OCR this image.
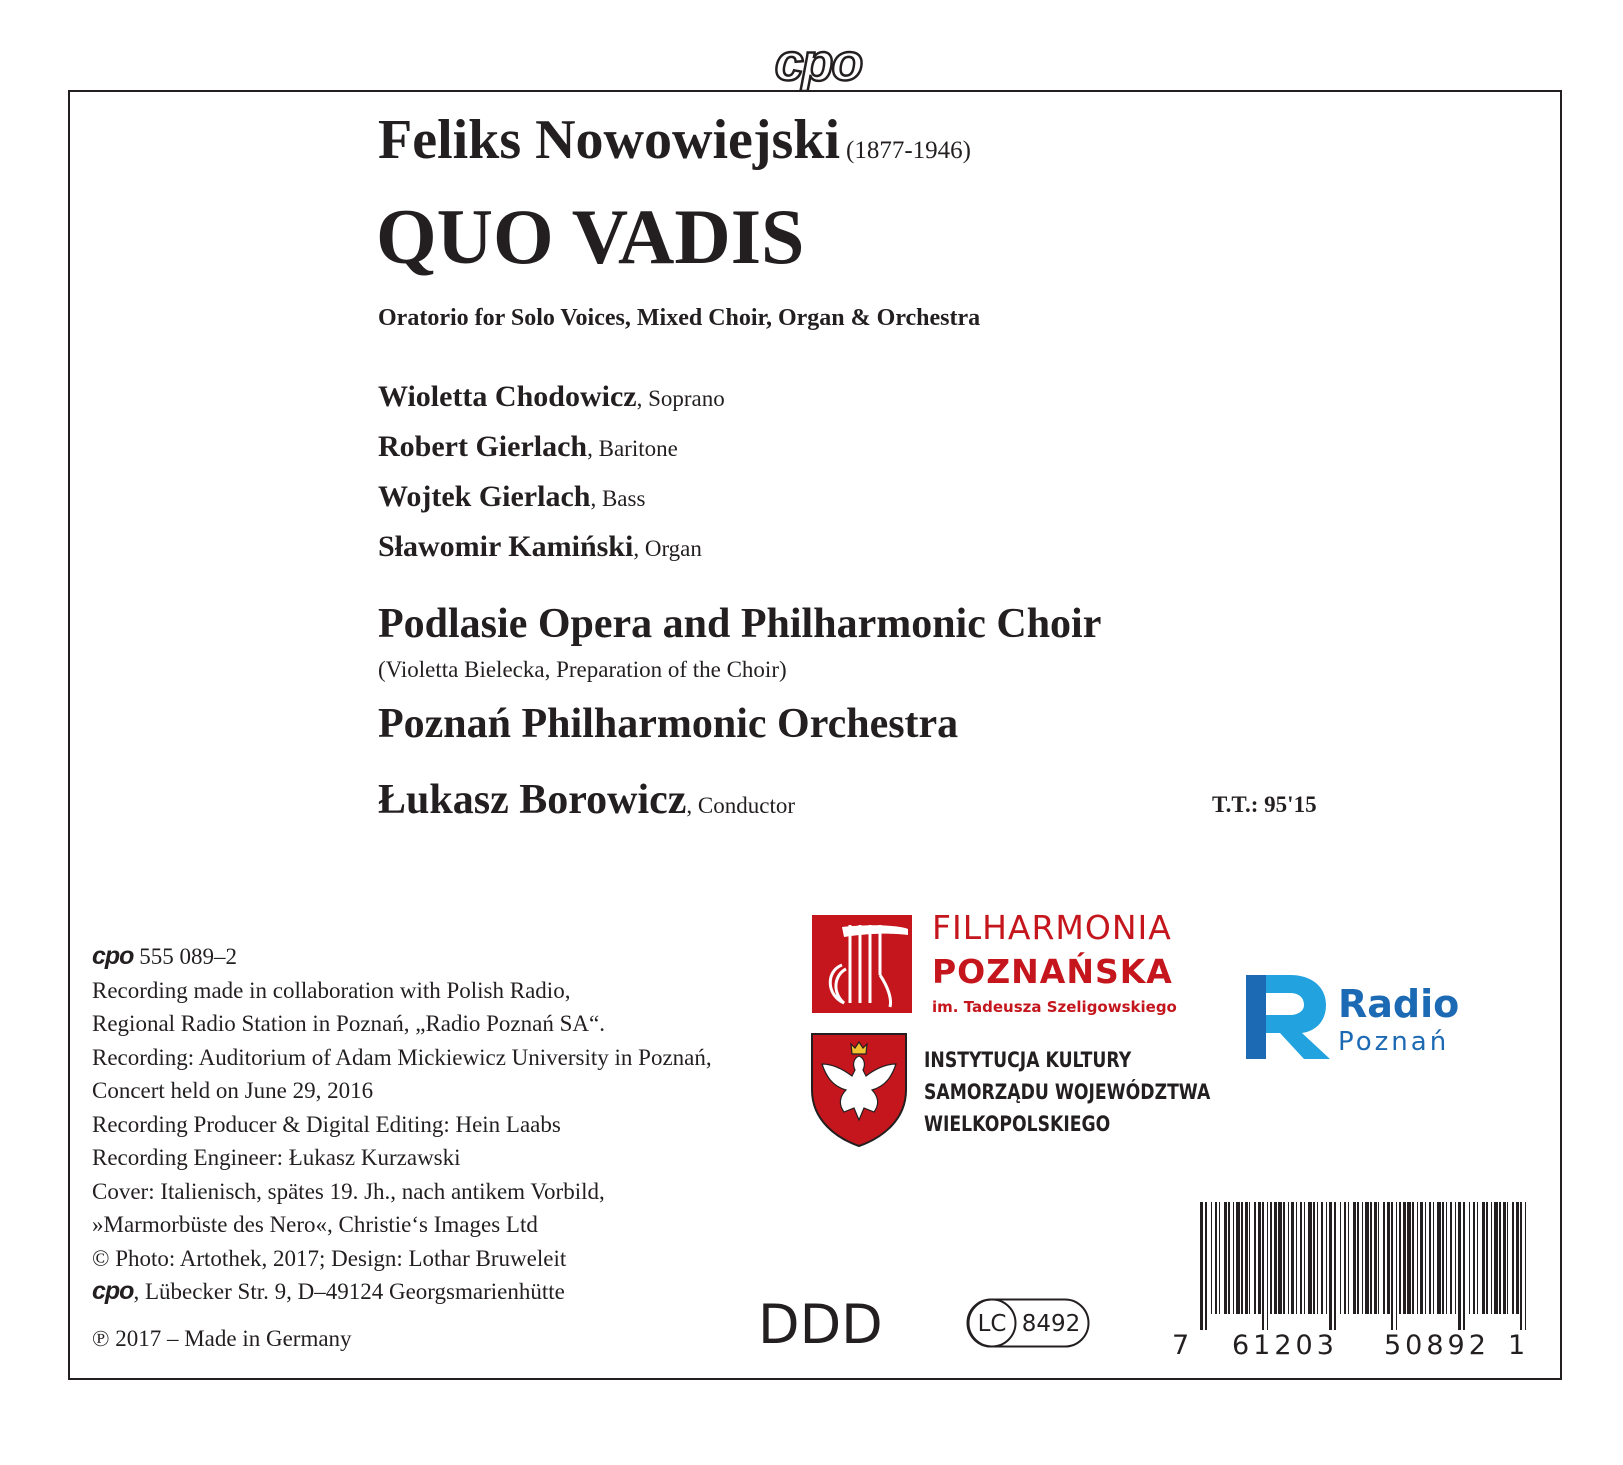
cpo
Feliks Nowowiejski (1877-1946)
QUO VADIS
Oratorio for Solo Voices, Mixed Choir, Organ & Orchestra
Wioletta Chodowicz, Soprano
Robert Gierlach, Baritone
Wojtek Gierlach, Bass
Sławomir Kamiński, Organ
Podlasie Opera and Philharmonic Choir
(Violetta Bielecka, Preparation of the Choir)
Poznań Philharmonic Orchestra
Łukasz Borowicz, Conductor	T.T.: 95'15
cpo 555 089–2
Recording made in collaboration with Polish Radio,
Regional Radio Station in Poznań, „Radio Poznań SA“.
Recording: Auditorium of Adam Mickiewicz University in Poznań,
Concert held on June 29, 2016
Recording Producer & Digital Editing: Hein Laabs
Recording Engineer: Łukasz Kurzawski
Cover: Italienisch, spätes 19. Jh., nach antikem Vorbild,
»Marmorbüste des Nero«, Christie‘s Images Ltd
© Photo: Artothek, 2017; Design: Lothar Bruweleit
cpo, Lübecker Str. 9, D–49124 Georgsmarienhütte
℗ 2017 – Made in Germany
FILHARMONIA
POZNAŃSKA
im. Tadeusza Szeligowskiego
INSTYTUCJA KULTURY
SAMORZĄDU WOJEWÓDZTWA
WIELKOPOLSKIEGO
Radio
Poznań
DDD	LC 8492
7 61203 50892 1
